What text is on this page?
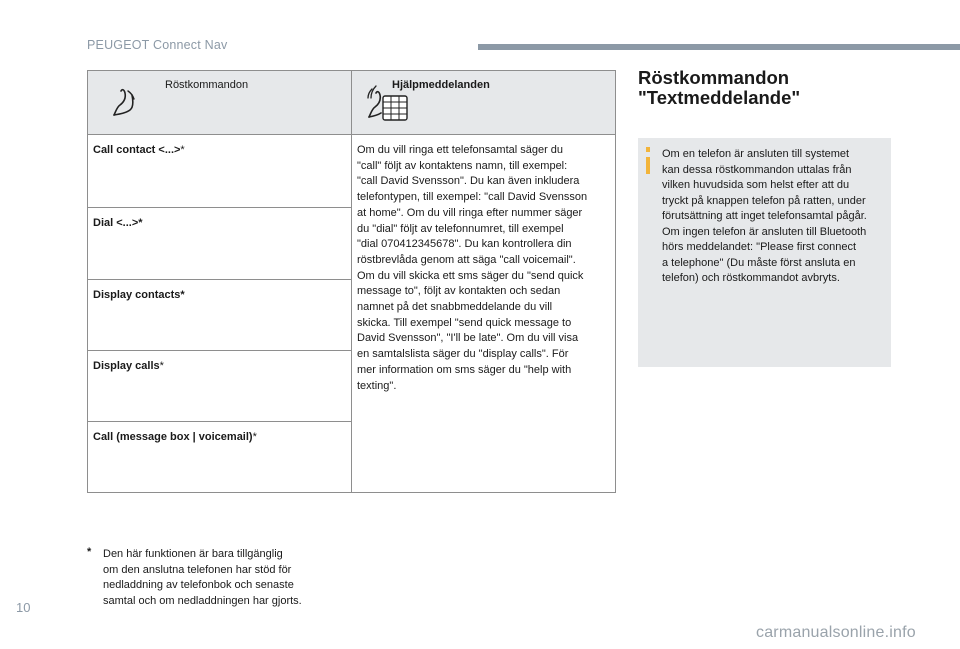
PEUGEOT Connect Nav
Röstkommandon	Hjälpmeddelanden
Call contact <...>*
Dial <...>*
Display contacts*
Display calls*
Call (message box | voicemail)*
Om du vill ringa ett telefonsamtal säger du
"call" följt av kontaktens namn, till exempel:
"call David Svensson". Du kan även inkludera
telefontypen, till exempel: "call David Svensson
at home". Om du vill ringa efter nummer säger
du "dial" följt av telefonnumret, till exempel
"dial 070412345678". Du kan kontrollera din
röstbrevlåda genom att säga "call voicemail".
Om du vill skicka ett sms säger du "send quick
message to", följt av kontakten och sedan
namnet på det snabbmeddelande du vill
skicka. Till exempel "send quick message to
David Svensson", "I'll be late". Om du vill visa
en samtalslista säger du "display calls". För
mer information om sms säger du "help with
texting".
* Den här funktionen är bara tillgänglig
om den anslutna telefonen har stöd för
nedladdning av telefonbok och senaste
samtal och om nedladdningen har gjorts.
Röstkommandon
"Textmeddelande"
Om en telefon är ansluten till systemet
kan dessa röstkommandon uttalas från
vilken huvudsida som helst efter att du
tryckt på knappen telefon på ratten, under
förutsättning att inget telefonsamtal pågår.
Om ingen telefon är ansluten till Bluetooth
hörs meddelandet: "Please first connect
a telephone" (Du måste först ansluta en
telefon) och röstkommandot avbryts.
10
carmanualsonline.info
